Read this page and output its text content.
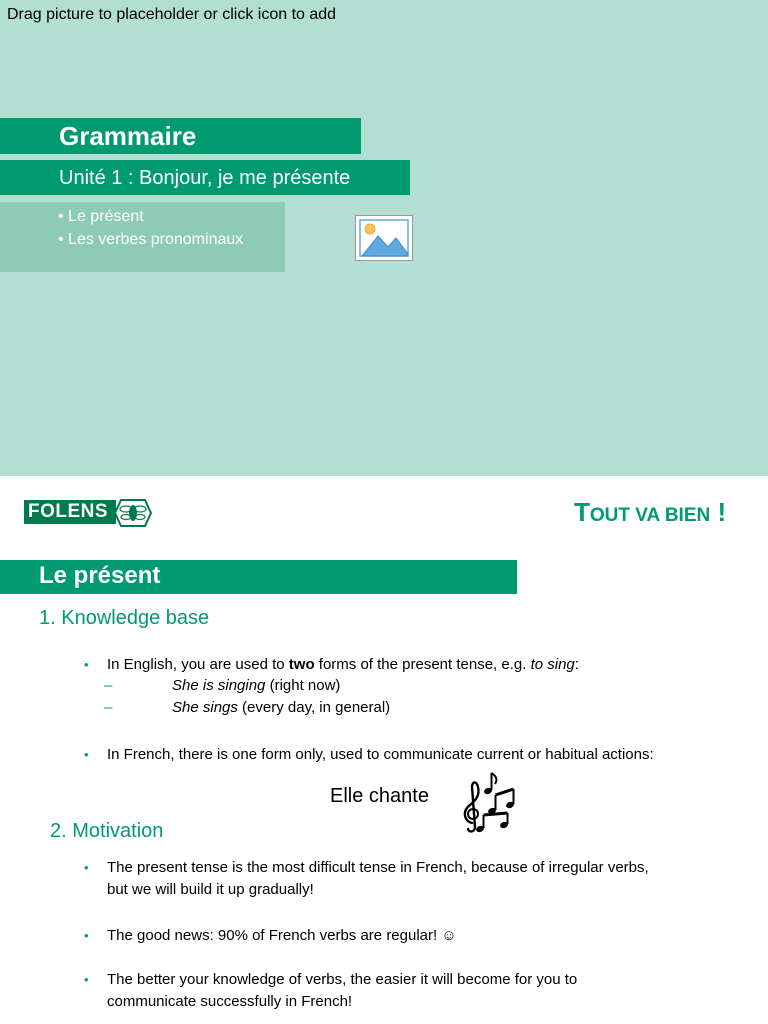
Drag picture to placeholder or click icon to add
Grammaire
Unité 1 : Bonjour, je me présente
• Le présent
• Les verbes pronominaux
FOLENS	TOUT VA BIEN !
Le présent
1. Knowledge base
• In English, you are used to two forms of the present tense, e.g. to sing:
–	She is singing (right now)
–	She sings (every day, in general)
• In French, there is one form only, used to communicate current or habitual actions:
Elle chante
2. Motivation
• The present tense is the most difficult tense in French, because of irregular verbs, but we will build it up gradually!
• The good news: 90% of French verbs are regular! ☺
• The better your knowledge of verbs, the easier it will become for you to communicate successfully in French!
